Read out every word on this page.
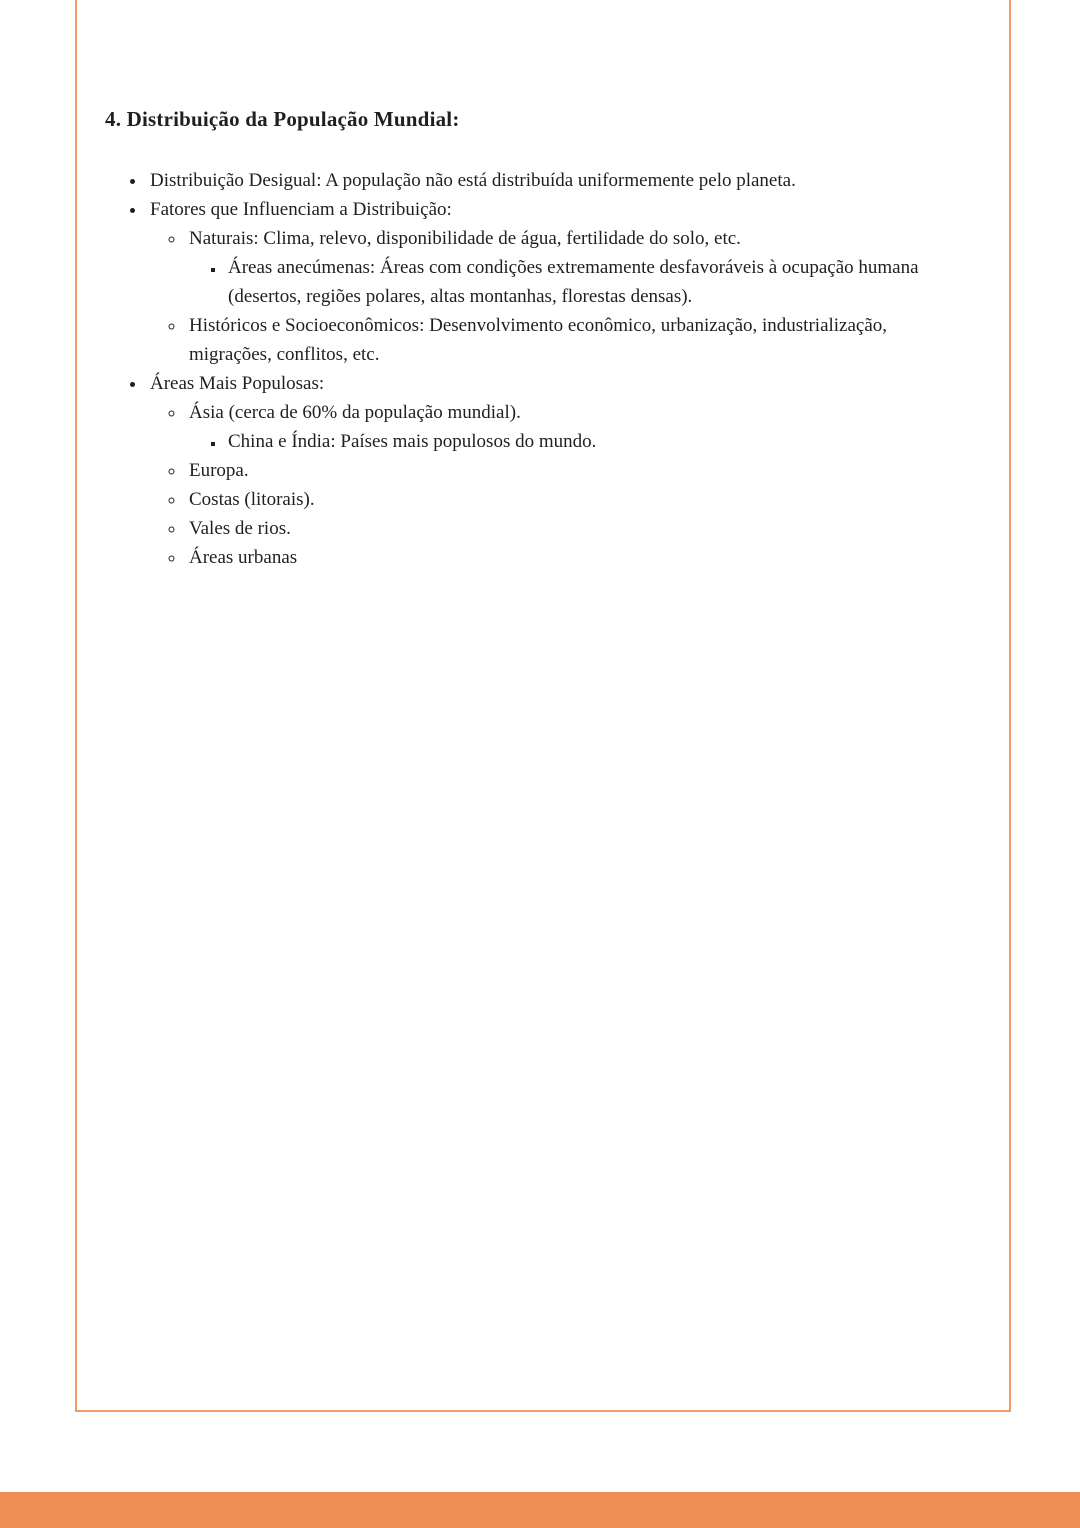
4. Distribuição da População Mundial:
• Distribuição Desigual: A população não está distribuída uniformemente pelo planeta.
• Fatores que Influenciam a Distribuição:
◦ Naturais: Clima, relevo, disponibilidade de água, fertilidade do solo, etc.
▪ Áreas anecúmenas: Áreas com condições extremamente desfavoráveis à ocupação humana (desertos, regiões polares, altas montanhas, florestas densas).
◦ Históricos e Socioeconômicos: Desenvolvimento econômico, urbanização, industrialização, migrações, conflitos, etc.
• Áreas Mais Populosas:
◦ Ásia (cerca de 60% da população mundial).
▪ China e Índia: Países mais populosos do mundo.
◦ Europa.
◦ Costas (litorais).
◦ Vales de rios.
◦ Áreas urbanas
